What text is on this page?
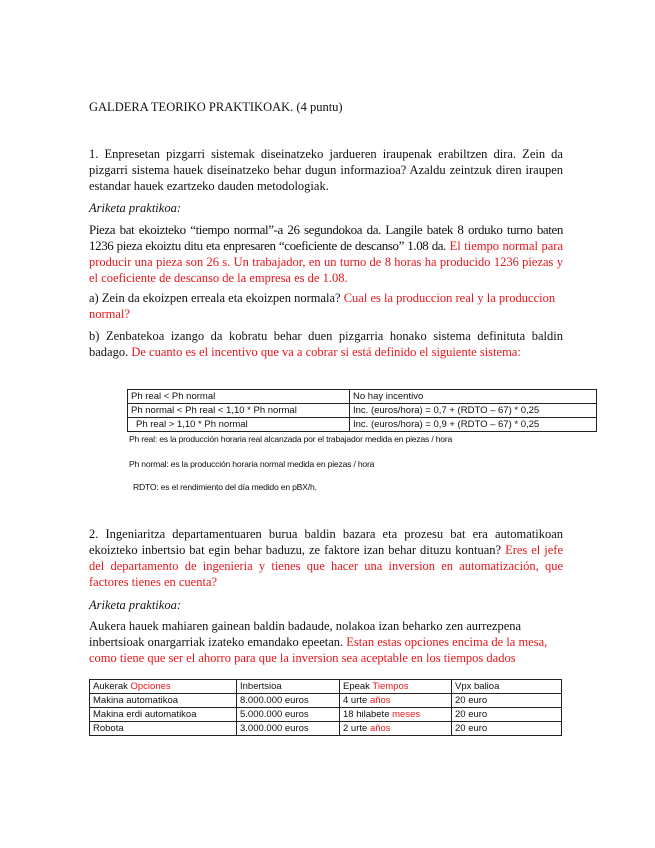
GALDERA TEORIKO PRAKTIKOAK. (4 puntu)
1. Enpresetan pizgarri sistemak diseinatzeko jardueren iraupenak erabiltzen dira. Zein da pizgarri sistema hauek diseinatzeko behar dugun informazioa? Azaldu zeintzuk diren iraupen estandar hauek ezartzeko dauden metodologiak.
Ariketa praktikoa:
Pieza bat ekoizteko “tiempo normal”-a 26 segundokoa da. Langile batek 8 orduko turno baten 1236 pieza ekoiztu ditu eta enpresaren “coeficiente de descanso” 1.08 da. El tiempo normal para producir una pieza son 26 s. Un trabajador, en un turno de 8 horas ha producido 1236 piezas y el coeficiente de descanso de la empresa es de 1.08.
a) Zein da ekoizpen erreala eta ekoizpen normala? Cual es la produccion real y la produccion normal?
b) Zenbatekoa izango da kobratu behar duen pizgarria honako sistema definituta baldin badago. De cuanto es el incentivo que va a cobrar si está definido el siguiente sistema:
Ph real < Ph normal	No hay incentivo
Ph normal < Ph real < 1,10 * Ph normal	Inc. (euros/hora) = 0,7 + (RDTO – 67) * 0,25
Ph real > 1,10 * Ph normal	Inc. (euros/hora) = 0,9 + (RDTO – 67) * 0,25
Ph real: es la producción horaria real alcanzada por el trabajador medida en piezas / hora
Ph normal: es la producción horaria normal medida en piezas / hora
RDTO: es el rendimiento del día medido en pBX/h.
2. Ingeniaritza departamentuaren burua baldin bazara eta prozesu bat era automatikoan ekoizteko inbertsio bat egin behar baduzu, ze faktore izan behar dituzu kontuan? Eres el jefe del departamento de ingenieria y tienes que hacer una inversion en automatización, que factores tienes en cuenta?
Ariketa praktikoa:
Aukera hauek mahiaren gainean baldin badaude, nolakoa izan beharko zen aurrezpena inbertsioak onargarriak izateko emandako epeetan. Estan estas opciones encima de la mesa, como tiene que ser el ahorro para que la inversion sea aceptable en los tiempos dados
Aukerak Opciones	Inbertsioa	Epeak Tiempos	Vpx balioa
Makina automatikoa	8.000.000 euros	4 urte años	20 euro
Makina erdi automatikoa	5.000.000 euros	18 hilabete meses	20 euro
Robota	3.000.000 euros	2 urte años	20 euro
